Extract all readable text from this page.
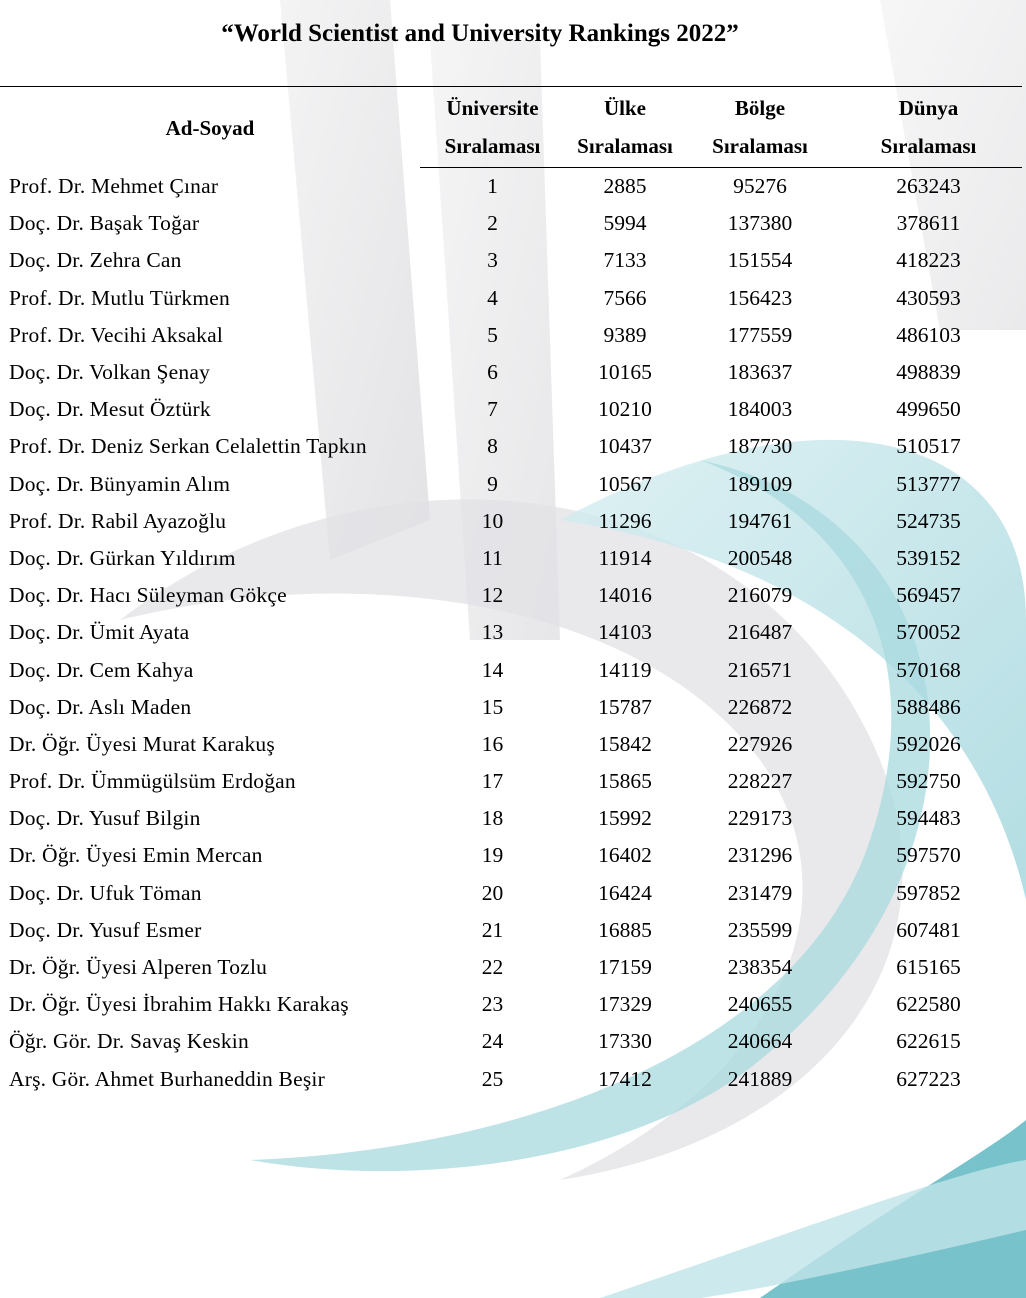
“World Scientist and University Rankings 2022”
Ad-Soyad	Üniversite	Ülke	Bölge	Dünya
	Sıralaması	Sıralaması	Sıralaması	Sıralaması
Prof. Dr. Mehmet Çınar	1	2885	95276	263243
Doç. Dr. Başak Toğar	2	5994	137380	378611
Doç. Dr. Zehra Can	3	7133	151554	418223
Prof. Dr. Mutlu Türkmen	4	7566	156423	430593
Prof. Dr. Vecihi Aksakal	5	9389	177559	486103
Doç. Dr. Volkan Şenay	6	10165	183637	498839
Doç. Dr. Mesut Öztürk	7	10210	184003	499650
Prof. Dr. Deniz Serkan Celalettin Tapkın	8	10437	187730	510517
Doç. Dr. Bünyamin Alım	9	10567	189109	513777
Prof. Dr. Rabil Ayazoğlu	10	11296	194761	524735
Doç. Dr. Gürkan Yıldırım	11	11914	200548	539152
Doç. Dr. Hacı Süleyman Gökçe	12	14016	216079	569457
Doç. Dr. Ümit Ayata	13	14103	216487	570052
Doç. Dr. Cem Kahya	14	14119	216571	570168
Doç. Dr. Aslı Maden	15	15787	226872	588486
Dr. Öğr. Üyesi Murat Karakuş	16	15842	227926	592026
Prof. Dr. Ümmügülsüm Erdoğan	17	15865	228227	592750
Doç. Dr. Yusuf Bilgin	18	15992	229173	594483
Dr. Öğr. Üyesi Emin Mercan	19	16402	231296	597570
Doç. Dr. Ufuk Töman	20	16424	231479	597852
Doç. Dr. Yusuf Esmer	21	16885	235599	607481
Dr. Öğr. Üyesi Alperen Tozlu	22	17159	238354	615165
Dr. Öğr. Üyesi İbrahim Hakkı Karakaş	23	17329	240655	622580
Öğr. Gör. Dr. Savaş Keskin	24	17330	240664	622615
Arş. Gör. Ahmet Burhaneddin Beşir	25	17412	241889	627223
